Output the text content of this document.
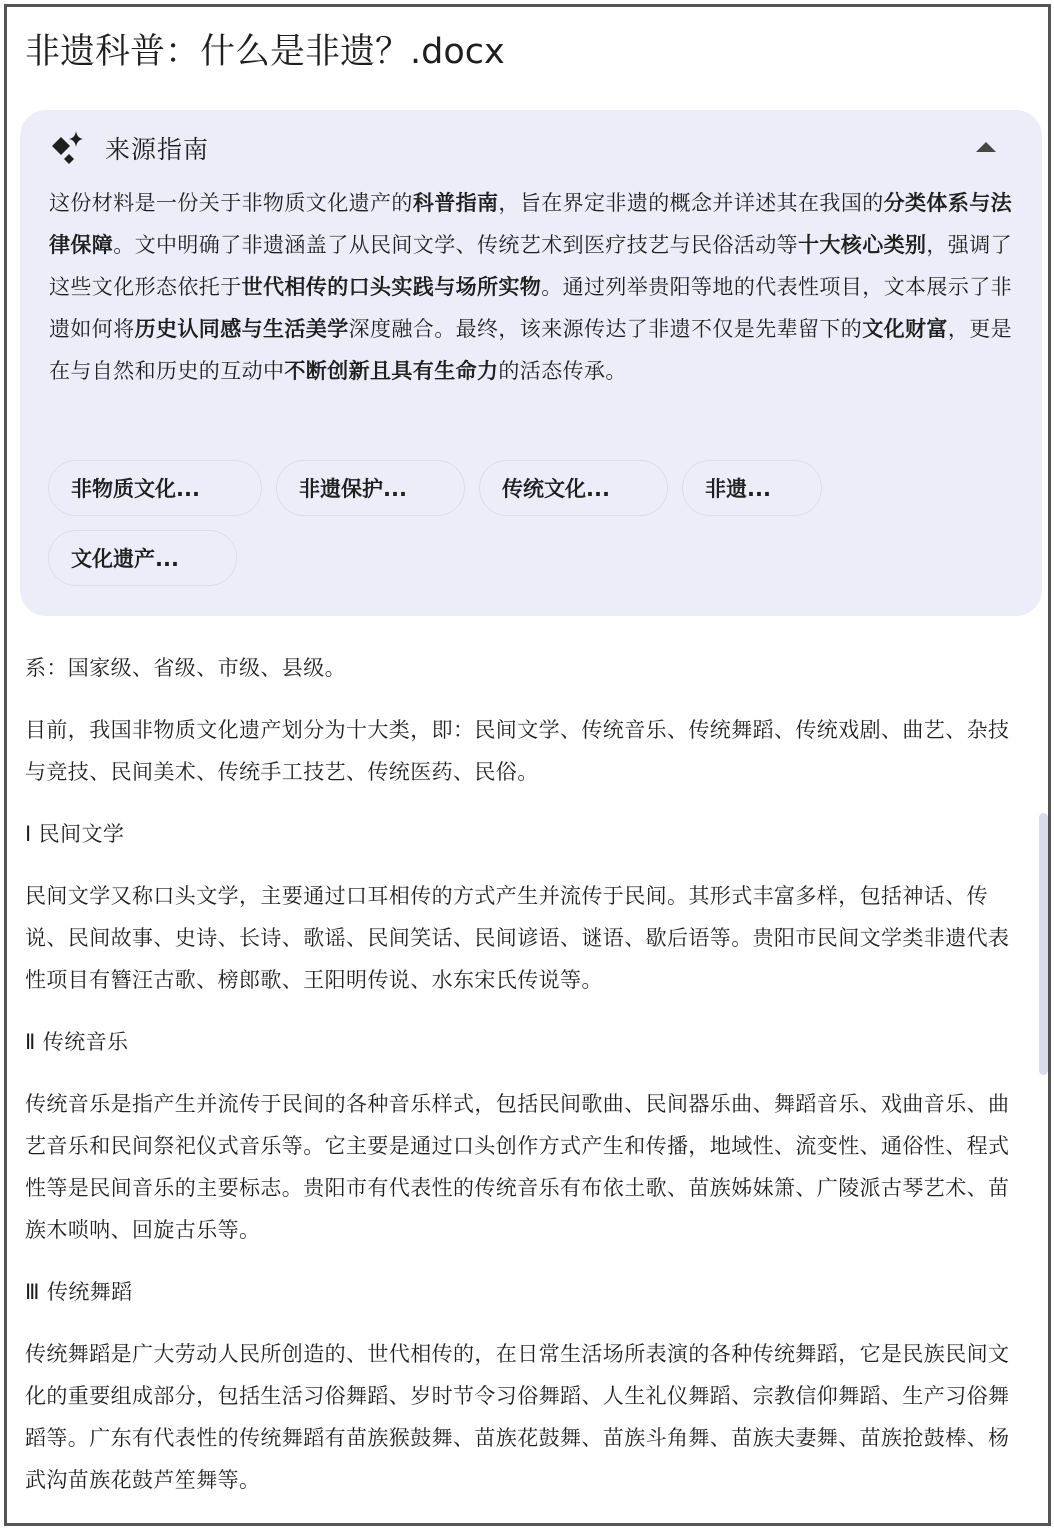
非遗科普：什么是非遗？.docx
来源指南

这份材料是一份关于非物质文化遗产的科普指南，旨在界定非遗的概念并详述其在我国的分类体系与法律保障。文中明确了非遗涵盖了从民间文学、传统艺术到医疗技艺与民俗活动等十大核心类别，强调了这些文化形态依托于世代相传的口头实践与场所实物。通过列举贵阳等地的代表性项目，文本展示了非遗如何将历史认同感与生活美学深度融合。最终，该来源传达了非遗不仅是先辈留下的文化财富，更是在与自然和历史的互动中不断创新且具有生命力的活态传承。

非物质文化...	非遗保护...	传统文化...	非遗...
文化遗产...

系：国家级、省级、市级、县级。

目前，我国非物质文化遗产划分为十大类，即：民间文学、传统音乐、传统舞蹈、传统戏剧、曲艺、杂技与竞技、民间美术、传统手工技艺、传统医药、民俗。

Ⅰ 民间文学

民间文学又称口头文学，主要通过口耳相传的方式产生并流传于民间。其形式丰富多样，包括神话、传说、民间故事、史诗、长诗、歌谣、民间笑话、民间谚语、谜语、歇后语等。贵阳市民间文学类非遗代表性项目有簪汪古歌、榜郎歌、王阳明传说、水东宋氏传说等。

Ⅱ 传统音乐

传统音乐是指产生并流传于民间的各种音乐样式，包括民间歌曲、民间器乐曲、舞蹈音乐、戏曲音乐、曲艺音乐和民间祭祀仪式音乐等。它主要是通过口头创作方式产生和传播，地域性、流变性、通俗性、程式性等是民间音乐的主要标志。贵阳市有代表性的传统音乐有布依土歌、苗族姊妹箫、广陵派古琴艺术、苗族木唢呐、回旋古乐等。

Ⅲ 传统舞蹈

传统舞蹈是广大劳动人民所创造的、世代相传的，在日常生活场所表演的各种传统舞蹈，它是民族民间文化的重要组成部分，包括生活习俗舞蹈、岁时节令习俗舞蹈、人生礼仪舞蹈、宗教信仰舞蹈、生产习俗舞蹈等。广东有代表性的传统舞蹈有苗族猴鼓舞、苗族花鼓舞、苗族斗角舞、苗族夫妻舞、苗族抢鼓棒、杨武沟苗族花鼓芦笙舞等。
